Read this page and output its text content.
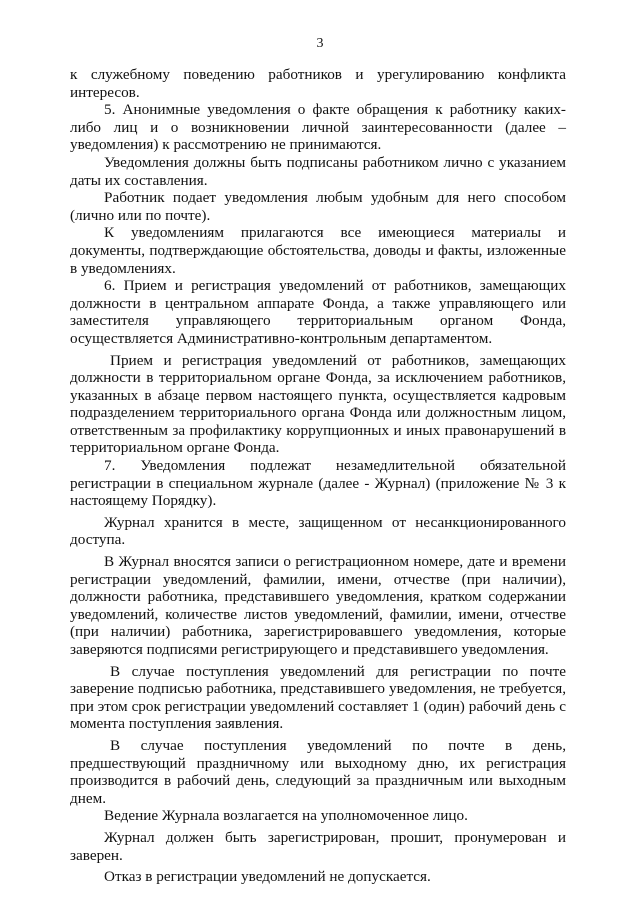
3

к служебному поведению работников и урегулированию конфликта интересов.

5. Анонимные уведомления о факте обращения к работнику каких-либо лиц и о возникновении личной заинтересованности (далее – уведомления) к рассмотрению не принимаются.

Уведомления должны быть подписаны работником лично с указанием даты их составления.

Работник подает уведомления любым удобным для него способом (лично или по почте).

К уведомлениям прилагаются все имеющиеся материалы и документы, подтверждающие обстоятельства, доводы и факты, изложенные в уведомлениях.

6. Прием и регистрация уведомлений от работников, замещающих должности в центральном аппарате Фонда, а также управляющего или заместителя управляющего территориальным органом Фонда, осуществляется Административно-контрольным департаментом.

Прием и регистрация уведомлений от работников, замещающих должности в территориальном органе Фонда, за исключением работников, указанных в абзаце первом настоящего пункта, осуществляется кадровым подразделением территориального органа Фонда или должностным лицом, ответственным за профилактику коррупционных и иных правонарушений в территориальном органе Фонда.

7. Уведомления подлежат незамедлительной обязательной регистрации в специальном журнале (далее - Журнал) (приложение № 3 к настоящему Порядку).

Журнал хранится в месте, защищенном от несанкционированного доступа.

В Журнал вносятся записи о регистрационном номере, дате и времени регистрации уведомлений, фамилии, имени, отчестве (при наличии), должности работника, представившего уведомления, кратком содержании уведомлений, количестве листов уведомлений, фамилии, имени, отчестве (при наличии) работника, зарегистрировавшего уведомления, которые заверяются подписями регистрирующего и представившего уведомления.

В случае поступления уведомлений для регистрации по почте заверение подписью работника, представившего уведомления, не требуется, при этом срок регистрации уведомлений составляет 1 (один) рабочий день с момента поступления заявления.

В случае поступления уведомлений по почте в день, предшествующий праздничному или выходному дню, их регистрация производится в рабочий день, следующий за праздничным или выходным днем.

Ведение Журнала возлагается на уполномоченное лицо.

Журнал должен быть зарегистрирован, прошит, пронумерован и заверен.

Отказ в регистрации уведомлений не допускается.
